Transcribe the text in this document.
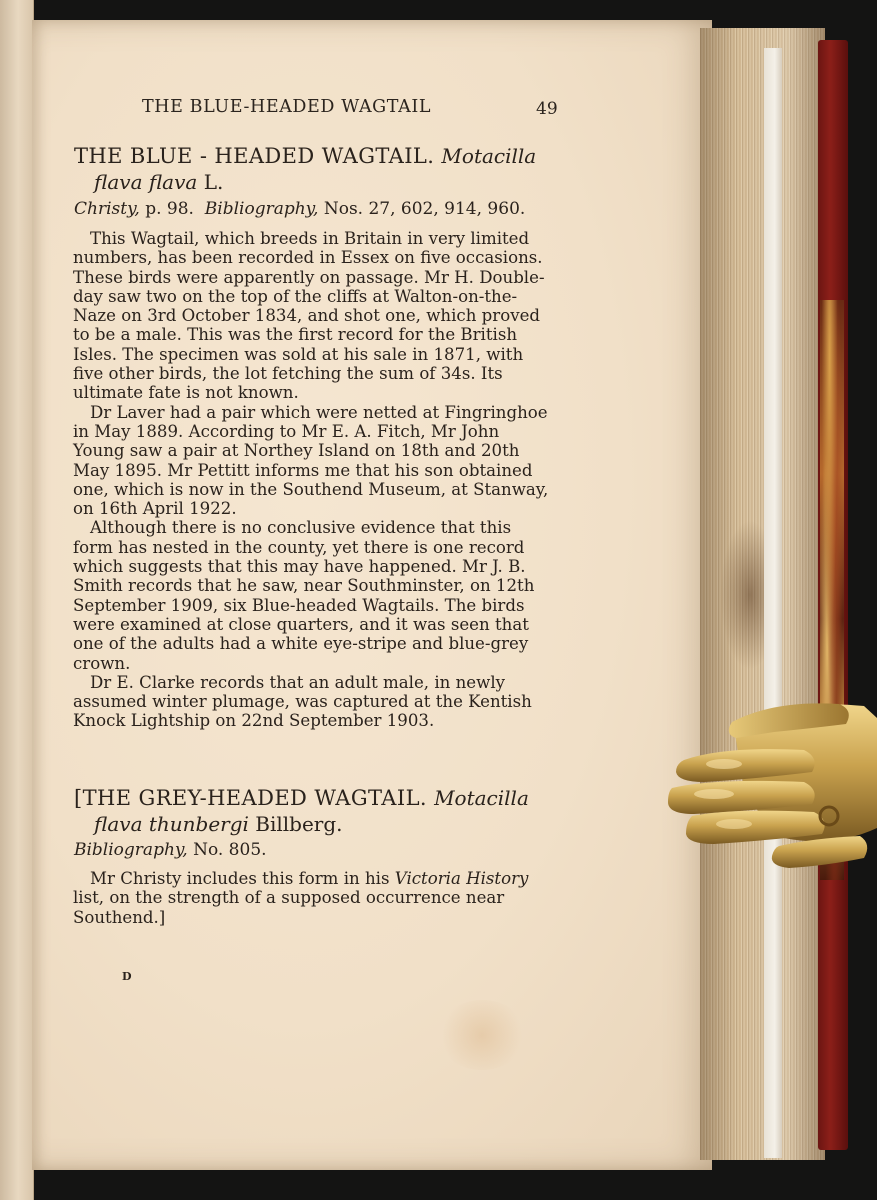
THE BLUE-HEADED WAGTAIL	49
THE BLUE - HEADED WAGTAIL. Motacilla
flava flava L.
Christy, p. 98. Bibliography, Nos. 27, 602, 914, 960.
This Wagtail, which breeds in Britain in very limited
numbers, has been recorded in Essex on five occasions.
These birds were apparently on passage. Mr H. Double-
day saw two on the top of the cliffs at Walton-on-the-
Naze on 3rd October 1834, and shot one, which proved
to be a male. This was the first record for the British
Isles. The specimen was sold at his sale in 1871, with
five other birds, the lot fetching the sum of 34s. Its
ultimate fate is not known.
Dr Laver had a pair which were netted at Fingringhoe
in May 1889. According to Mr E. A. Fitch, Mr John
Young saw a pair at Northey Island on 18th and 20th
May 1895. Mr Pettitt informs me that his son obtained
one, which is now in the Southend Museum, at Stanway,
on 16th April 1922.
Although there is no conclusive evidence that this
form has nested in the county, yet there is one record
which suggests that this may have happened. Mr J. B.
Smith records that he saw, near Southminster, on 12th
September 1909, six Blue-headed Wagtails. The birds
were examined at close quarters, and it was seen that
one of the adults had a white eye-stripe and blue-grey
crown.
Dr E. Clarke records that an adult male, in newly
assumed winter plumage, was captured at the Kentish
Knock Lightship on 22nd September 1903.
[THE GREY-HEADED WAGTAIL. Motacilla
flava thunbergi Billberg.
Bibliography, No. 805.
Mr Christy includes this form in his Victoria History
list, on the strength of a supposed occurrence near
Southend.]
D
